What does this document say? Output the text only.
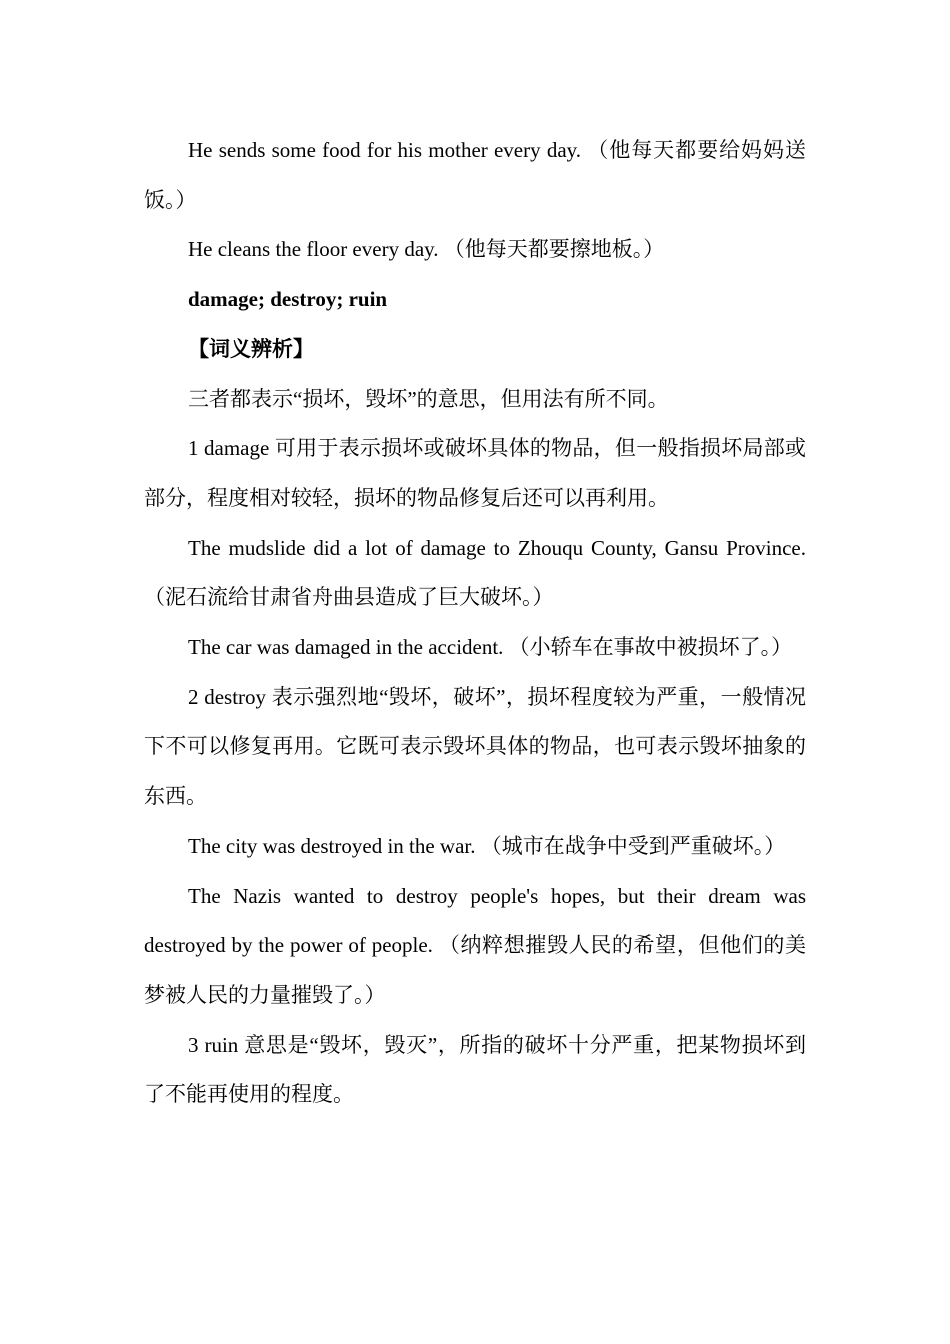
He sends some food for his mother every day. （他每天都要给妈妈送饭。）

He cleans the floor every day. （他每天都要擦地板。）

damage; destroy; ruin

【词义辨析】

三者都表示“损坏，毁坏”的意思，但用法有所不同。

1 damage 可用于表示损坏或破坏具体的物品，但一般指损坏局部或部分，程度相对较轻，损坏的物品修复后还可以再利用。

The mudslide did a lot of damage to Zhouqu County, Gansu Province. （泥石流给甘肃省舟曲县造成了巨大破坏。）

The car was damaged in the accident. （小轿车在事故中被损坏了。）

2 destroy 表示强烈地“毁坏，破坏”，损坏程度较为严重，一般情况下不可以修复再用。它既可表示毁坏具体的物品，也可表示毁坏抽象的东西。

The city was destroyed in the war. （城市在战争中受到严重破坏。）

The Nazis wanted to destroy people's hopes, but their dream was destroyed by the power of people. （纳粹想摧毁人民的希望，但他们的美梦被人民的力量摧毁了。）

3 ruin 意思是“毁坏，毁灭”，所指的破坏十分严重，把某物损坏到了不能再使用的程度。
